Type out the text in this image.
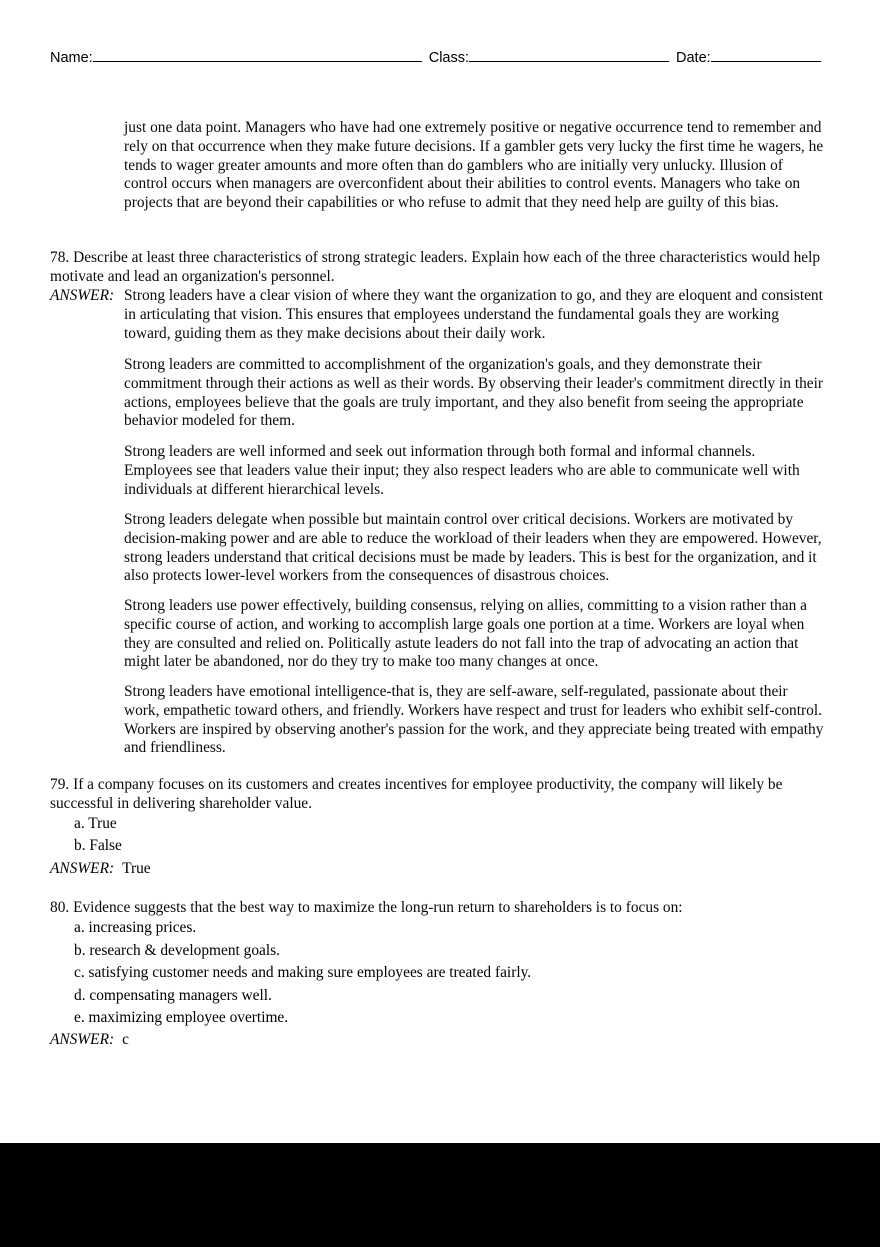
Name:	Class:	Date:
just one data point. Managers who have had one extremely positive or negative occurrence tend to remember and rely on that occurrence when they make future decisions. If a gambler gets very lucky the first time he wagers, he tends to wager greater amounts and more often than do gamblers who are initially very unlucky. Illusion of control occurs when managers are overconfident about their abilities to control events. Managers who take on projects that are beyond their capabilities or who refuse to admit that they need help are guilty of this bias.
78. Describe at least three characteristics of strong strategic leaders. Explain how each of the three characteristics would help motivate and lead an organization's personnel.
ANSWER: Strong leaders have a clear vision of where they want the organization to go, and they are eloquent and consistent in articulating that vision. This ensures that employees understand the fundamental goals they are working toward, guiding them as they make decisions about their daily work.
Strong leaders are committed to accomplishment of the organization's goals, and they demonstrate their commitment through their actions as well as their words. By observing their leader's commitment directly in their actions, employees believe that the goals are truly important, and they also benefit from seeing the appropriate behavior modeled for them.
Strong leaders are well informed and seek out information through both formal and informal channels. Employees see that leaders value their input; they also respect leaders who are able to communicate well with individuals at different hierarchical levels.
Strong leaders delegate when possible but maintain control over critical decisions. Workers are motivated by decision-making power and are able to reduce the workload of their leaders when they are empowered. However, strong leaders understand that critical decisions must be made by leaders. This is best for the organization, and it also protects lower-level workers from the consequences of disastrous choices.
Strong leaders use power effectively, building consensus, relying on allies, committing to a vision rather than a specific course of action, and working to accomplish large goals one portion at a time. Workers are loyal when they are consulted and relied on. Politically astute leaders do not fall into the trap of advocating an action that might later be abandoned, nor do they try to make too many changes at once.
Strong leaders have emotional intelligence-that is, they are self-aware, self-regulated, passionate about their work, empathetic toward others, and friendly. Workers have respect and trust for leaders who exhibit self-control. Workers are inspired by observing another's passion for the work, and they appreciate being treated with empathy and friendliness.
79. If a company focuses on its customers and creates incentives for employee productivity, the company will likely be successful in delivering shareholder value.
a. True
b. False
ANSWER: True
80. Evidence suggests that the best way to maximize the long-run return to shareholders is to focus on:
a. increasing prices.
b. research & development goals.
c. satisfying customer needs and making sure employees are treated fairly.
d. compensating managers well.
e. maximizing employee overtime.
ANSWER: c
